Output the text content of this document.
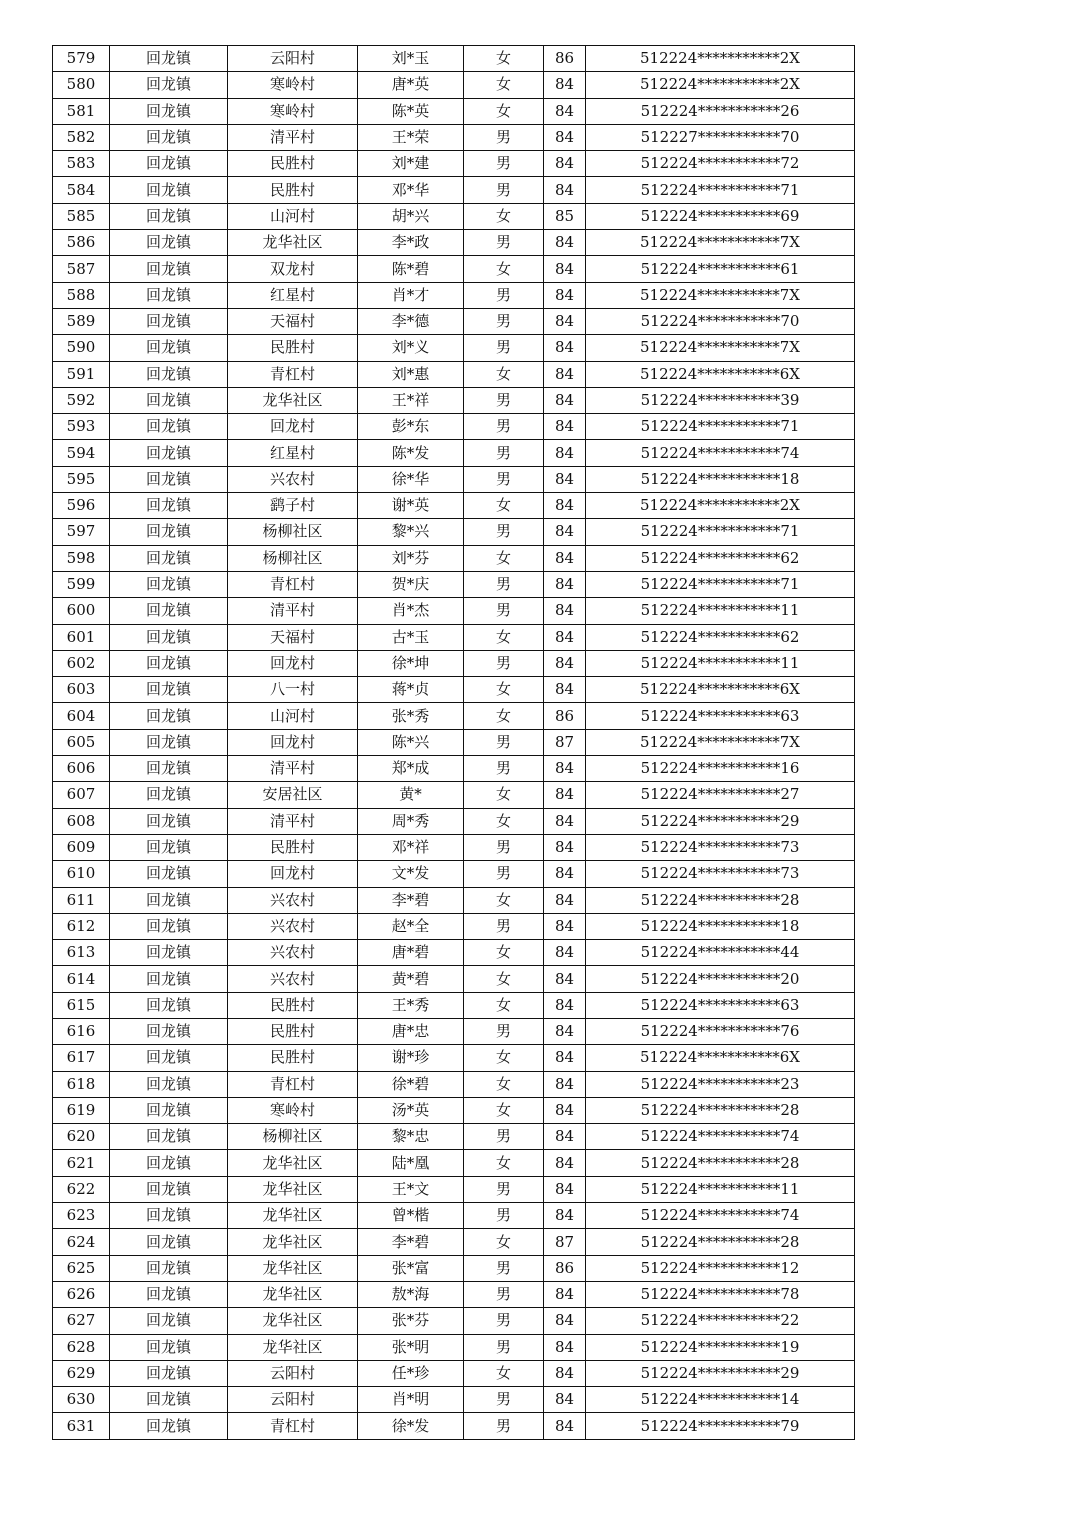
579	回龙镇	云阳村	刘*玉	女	86	512224***********2X
580	回龙镇	寒岭村	唐*英	女	84	512224***********2X
581	回龙镇	寒岭村	陈*英	女	84	512224***********26
582	回龙镇	清平村	王*荣	男	84	512227***********70
583	回龙镇	民胜村	刘*建	男	84	512224***********72
584	回龙镇	民胜村	邓*华	男	84	512224***********71
585	回龙镇	山河村	胡*兴	女	85	512224***********69
586	回龙镇	龙华社区	李*政	男	84	512224***********7X
587	回龙镇	双龙村	陈*碧	女	84	512224***********61
588	回龙镇	红星村	肖*才	男	84	512224***********7X
589	回龙镇	天福村	李*德	男	84	512224***********70
590	回龙镇	民胜村	刘*义	男	84	512224***********7X
591	回龙镇	青杠村	刘*惠	女	84	512224***********6X
592	回龙镇	龙华社区	王*祥	男	84	512224***********39
593	回龙镇	回龙村	彭*东	男	84	512224***********71
594	回龙镇	红星村	陈*发	男	84	512224***********74
595	回龙镇	兴农村	徐*华	男	84	512224***********18
596	回龙镇	鹞子村	谢*英	女	84	512224***********2X
597	回龙镇	杨柳社区	黎*兴	男	84	512224***********71
598	回龙镇	杨柳社区	刘*芬	女	84	512224***********62
599	回龙镇	青杠村	贺*庆	男	84	512224***********71
600	回龙镇	清平村	肖*杰	男	84	512224***********11
601	回龙镇	天福村	古*玉	女	84	512224***********62
602	回龙镇	回龙村	徐*坤	男	84	512224***********11
603	回龙镇	八一村	蒋*贞	女	84	512224***********6X
604	回龙镇	山河村	张*秀	女	86	512224***********63
605	回龙镇	回龙村	陈*兴	男	87	512224***********7X
606	回龙镇	清平村	郑*成	男	84	512224***********16
607	回龙镇	安居社区	黄*	女	84	512224***********27
608	回龙镇	清平村	周*秀	女	84	512224***********29
609	回龙镇	民胜村	邓*祥	男	84	512224***********73
610	回龙镇	回龙村	文*发	男	84	512224***********73
611	回龙镇	兴农村	李*碧	女	84	512224***********28
612	回龙镇	兴农村	赵*全	男	84	512224***********18
613	回龙镇	兴农村	唐*碧	女	84	512224***********44
614	回龙镇	兴农村	黄*碧	女	84	512224***********20
615	回龙镇	民胜村	王*秀	女	84	512224***********63
616	回龙镇	民胜村	唐*忠	男	84	512224***********76
617	回龙镇	民胜村	谢*珍	女	84	512224***********6X
618	回龙镇	青杠村	徐*碧	女	84	512224***********23
619	回龙镇	寒岭村	汤*英	女	84	512224***********28
620	回龙镇	杨柳社区	黎*忠	男	84	512224***********74
621	回龙镇	龙华社区	陆*凰	女	84	512224***********28
622	回龙镇	龙华社区	王*文	男	84	512224***********11
623	回龙镇	龙华社区	曾*楷	男	84	512224***********74
624	回龙镇	龙华社区	李*碧	女	87	512224***********28
625	回龙镇	龙华社区	张*富	男	86	512224***********12
626	回龙镇	龙华社区	敖*海	男	84	512224***********78
627	回龙镇	龙华社区	张*芬	男	84	512224***********22
628	回龙镇	龙华社区	张*明	男	84	512224***********19
629	回龙镇	云阳村	任*珍	女	84	512224***********29
630	回龙镇	云阳村	肖*明	男	84	512224***********14
631	回龙镇	青杠村	徐*发	男	84	512224***********79
